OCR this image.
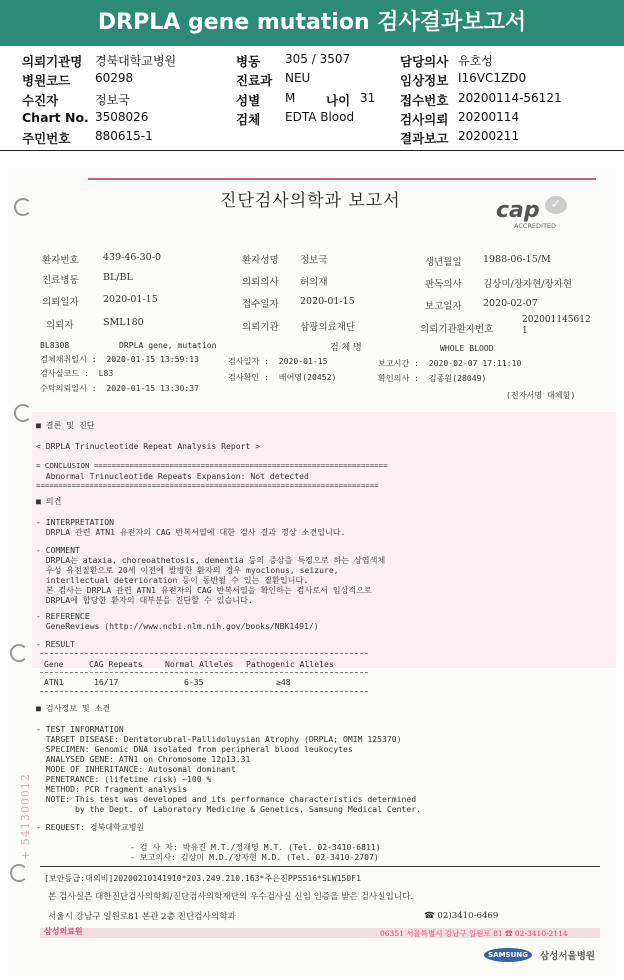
DRPLA gene mutation 검사결과보고서
의뢰기관명 경북대학교병원	병동 305 / 3507	담당의사 유호성
병원코드 60298	진료과 NEU	임상정보 I16VC1ZD0
수진자	정보국	성별 M 나이 31 접수번호 20200114-56121
Chart No. 3508026	검체 EDTA Blood	검사의뢰 20200114
주민번호 880615-1	결과보고 20200211
진단검사의학과 보고서	cap ✓
ACCREDITED
환자번호	439-46-30-0	환자성명 정보국	생년월일 1988-06-15/M
진료병동	BL/BL	의뢰의사 허의재	판독의사 김상미/장자현/장자현
의뢰일자	2020-01-15	접수일자 2020-01-15	보고일자 2020-02-07
의뢰자	SML180	의뢰기관 삼광의료재단	의뢰기관환자번호
202001145612
1
BL8308	DRPLA gene, mutation	검 체 명	WHOLE BLOOD
검체채취일시 :  2020-01-15 13:59:13	검사일자 :  2020-01-15	보고시간 :  2020-02-07 17:11:10
검사실코드 :  L83	검사확인 :  배어영(20452)	확인의사 :  김종원(28049)
수탁의뢰일시 :  2020-01-15 13:30:37
(전자서명 대체함)
■ 결론 및 진단
< DRPLA Trinucleotide Repeat Analysis Report >
= CONCLUSION ==================================================================
Abnormal Trinucleotide Repeats Expansion: Not detected
=============================================================================
■ 의견
- INTERPRETATION
DRPLA 관련 ATN1 유전자의 CAG 반복서열에 대한 검사 결과 정상 소견입니다.
- COMMENT
DRPLA는 ataxia, choreoathetosis, dementia 등의 증상을 특징으로 하는 상염색체
우성 유전질환으로 20세 이전에 발병한 환자의 경우 myoclonus, seizure,
interllectual deterioration 등이 동반될 수 있는 질환입니다.
본 검사는 DRPLA 관련 ATN1 유전자의 CAG 반복서열을 확인하는 검사로서 임상적으로
DRPLA에 합당한 환자의 대부분을 진단할 수 있습니다.
- REFERENCE
GeneReviews (http://www.ncbi.nlm.nih.gov/books/NBK1491/)
- RESULT
Gene	CAG Repeats	Normal Alleles Pathogenic Alleles
ATN1	16/17	6-35	≥48
■ 검사정보 및 소견
- TEST INFORMATION
TARGET DISEASE: Dentatorubral-Pallidoluysian Atrophy (DRPLA; OMIM 125370)
SPECIMEN: Genomic DNA isolated from peripheral blood leukocytes
ANALYSED GENE: ATN1 on Chromosome 12p13.31
MODE OF INHERITANCE: Autosomal dominant
PENETRANCE: (lifetime risk) ~100 %
METHOD: PCR fragment analysis
NOTE: This test was developed and its performance characteristics determined
by the Dept. of Laboratory Medicine & Genetics, Samsung Medical Center.
- REQUEST: 경북대학교병원
- 검 사 자: 박유진 M.T./정재영 M.T. (Tel. 02-3410-6811)
- 보고의사: 김상미 M.D./장자현 M.D. (Tel. 02-3410-2707)
[보안등급:대외비]20200210141910*203.249.210.163*주은진PP5516*SLW150F1
본 검사실은 대한진단검사의학회/진단검사의학재단의 우수검사실 신임 인증을 받은 검사실입니다.
서울시 강남구 일원로81 본관 2층 진단검사의학과	☎ 02)3410-6469
삼성의료원	06351 서울특별시 강남구 일원로 81 ☎ 02-3410-2114
+ 541300012
SAMSUNG	삼성서울병원
